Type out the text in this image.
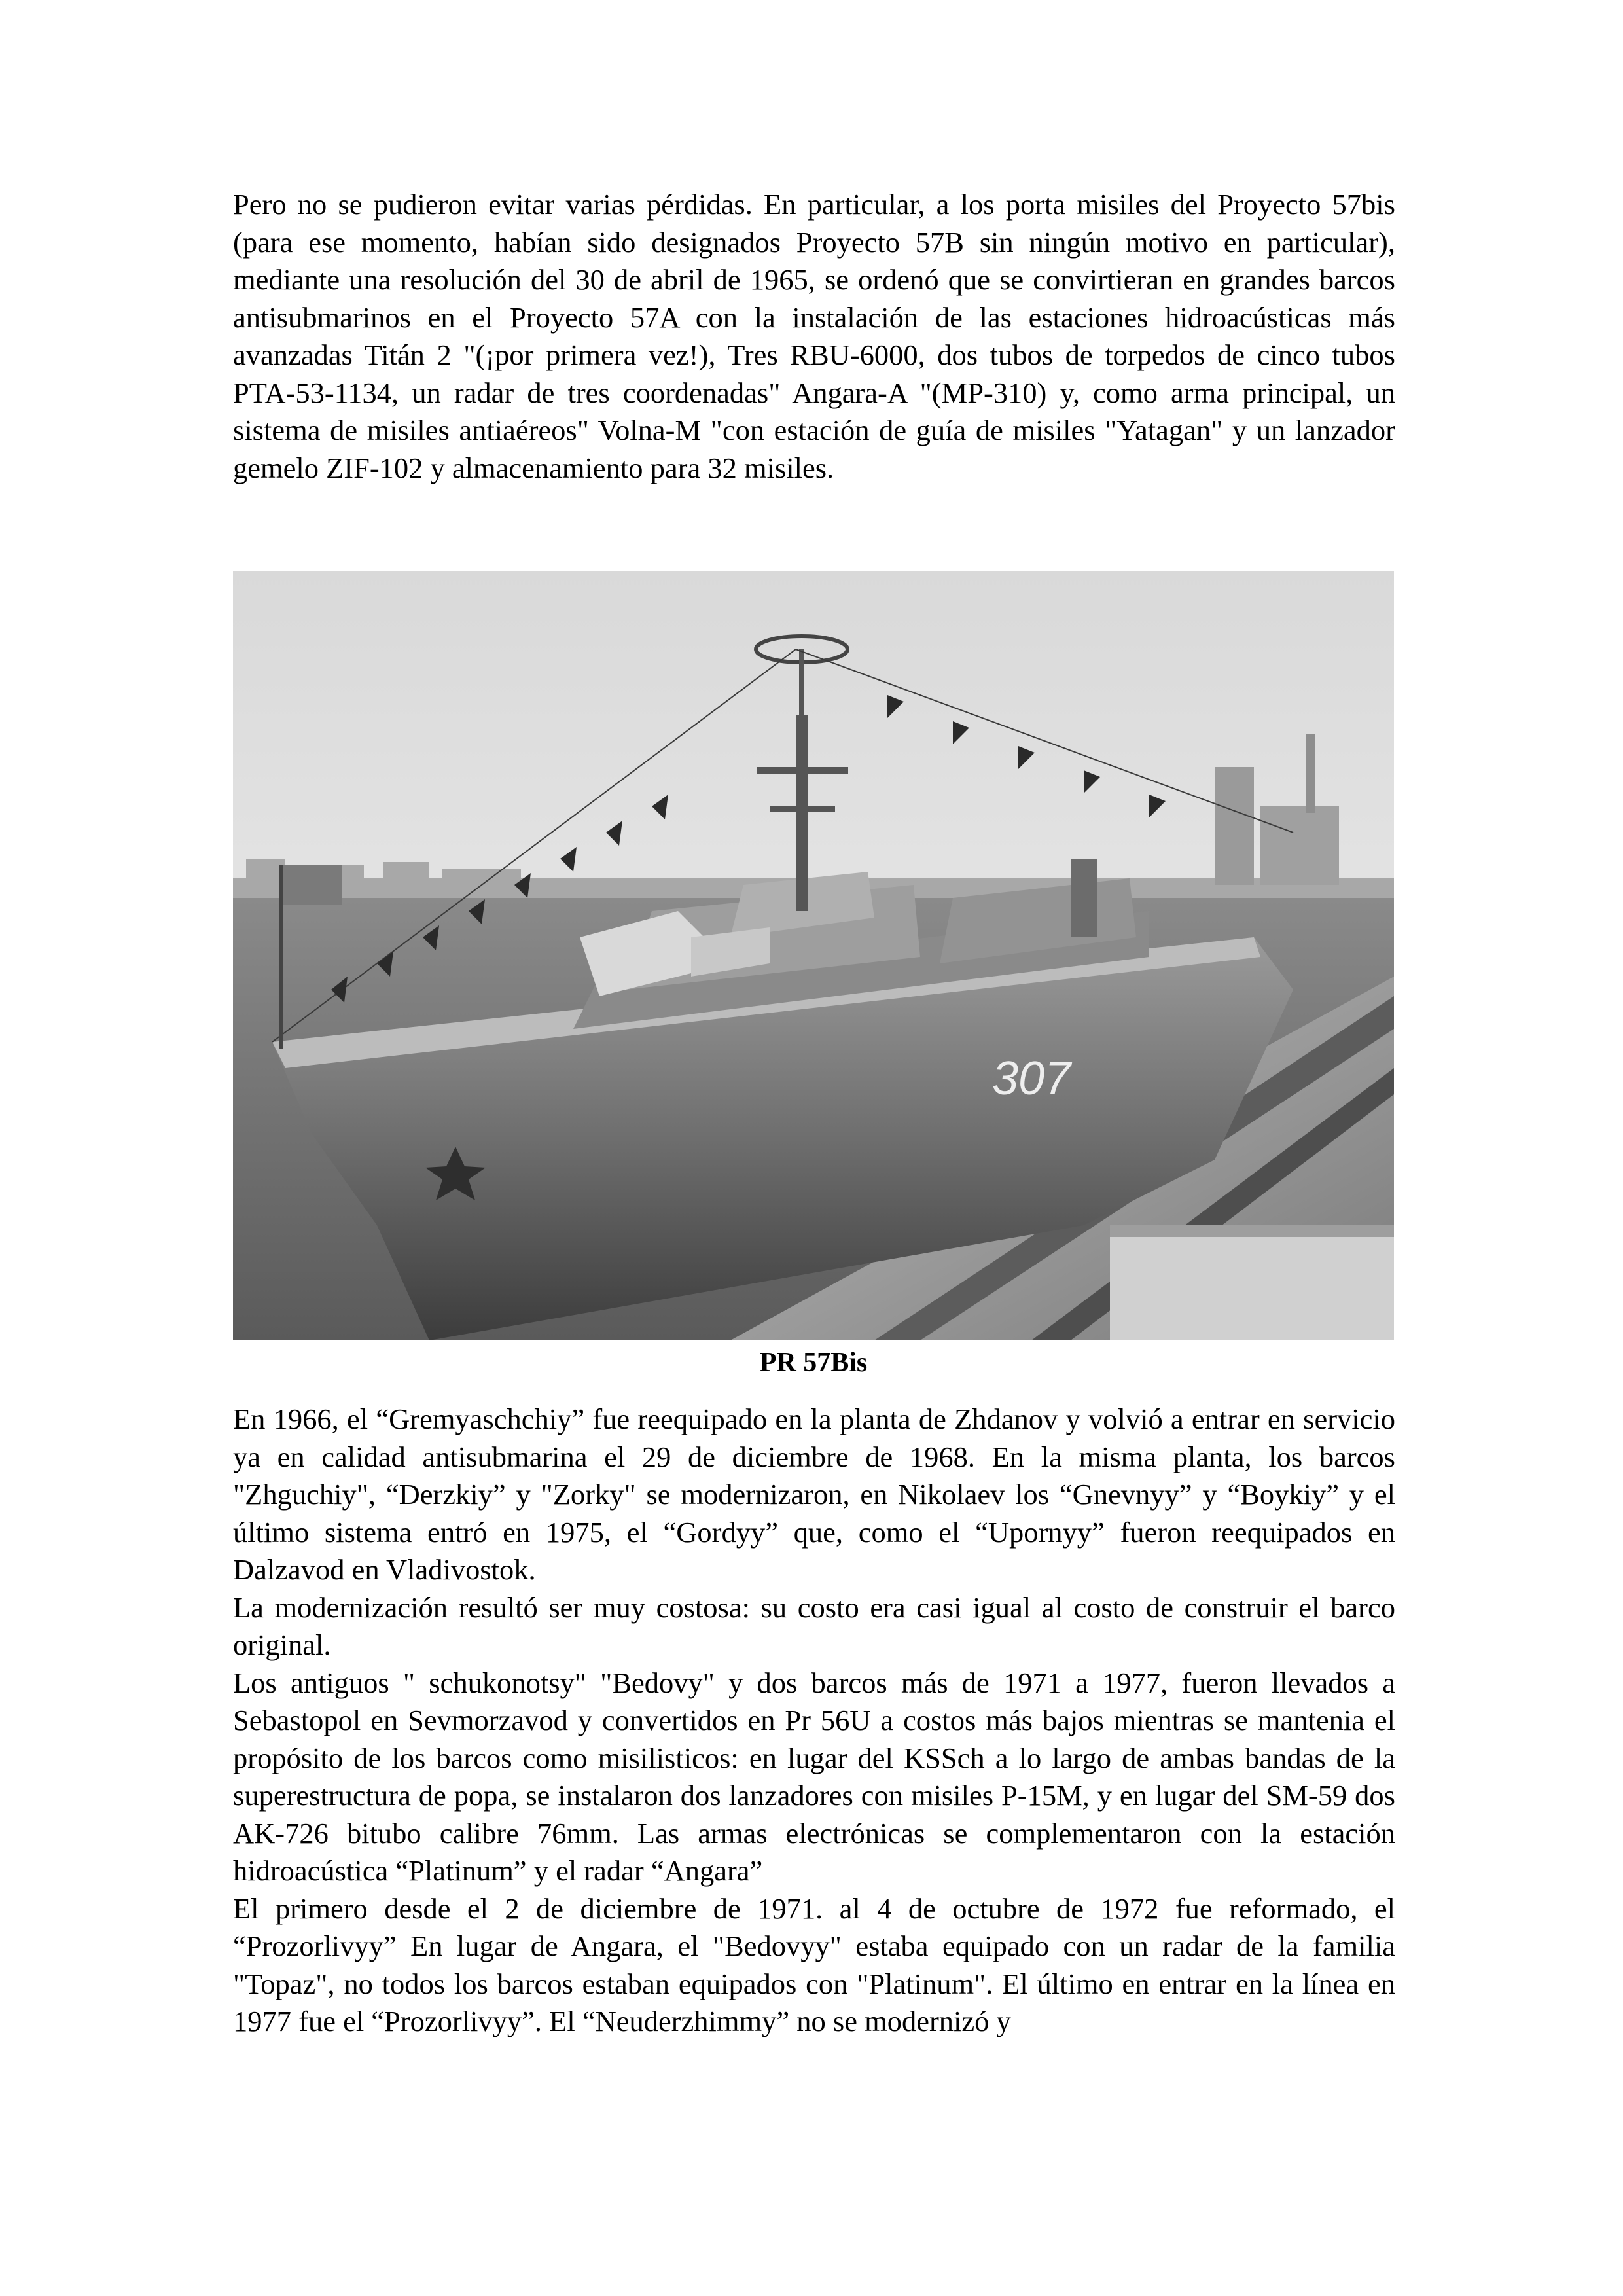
Pero no se pudieron evitar varias pérdidas. En particular, a los porta misiles del Proyecto 57bis (para ese momento, habían sido designados Proyecto 57B sin ningún motivo en particular), mediante una resolución del 30 de abril de 1965, se ordenó que se convirtieran en grandes barcos antisubmarinos en el Proyecto 57A con la instalación de las estaciones hidroacústicas más avanzadas Titán 2 "(¡por primera vez!), Tres RBU-6000, dos tubos de torpedos de cinco tubos PTA-53-1134, un radar de tres coordenadas" Angara-A "(MP-310) y, como arma principal, un sistema de misiles antiaéreos" Volna-M "con estación de guía de misiles "Yatagan" y un lanzador gemelo ZIF-102 y almacenamiento para 32 misiles.

307
PR 57Bis

En 1966, el “Gremyaschchiy” fue reequipado en la planta de Zhdanov y volvió a entrar en servicio ya en calidad antisubmarina el 29 de diciembre de 1968. En la misma planta, los barcos "Zhguchiy", “Derzkiy” y "Zorky" se modernizaron, en Nikolaev los “Gnevnyy” y “Boykiy” y el último sistema entró en 1975, el “Gordyy” que, como el “Upornyy” fueron reequipados en Dalzavod en Vladivostok.

La modernización resultó ser muy costosa: su costo era casi igual al costo de construir el barco original.

Los antiguos " schukonotsy" "Bedovy" y dos barcos más de 1971 a 1977, fueron llevados a Sebastopol en Sevmorzavod y convertidos en Pr 56U a costos más bajos mientras se mantenia el propósito de los barcos como misilisticos: en lugar del KSSch a lo largo de ambas bandas de la superestructura de popa, se instalaron dos lanzadores con misiles P-15M, y en lugar del SM-59 dos AK-726 bitubo calibre 76mm. Las armas electrónicas se complementaron con la estación hidroacústica “Platinum” y el radar “Angara”

El primero desde el 2 de diciembre de 1971. al 4 de octubre de 1972 fue reformado, el “Prozorlivyy” En lugar de Angara, el "Bedovyy" estaba equipado con un radar de la familia "Topaz", no todos los barcos estaban equipados con "Platinum". El último en entrar en la línea en 1977 fue el “Prozorlivyy”. El “Neuderzhimmy” no se modernizó y
